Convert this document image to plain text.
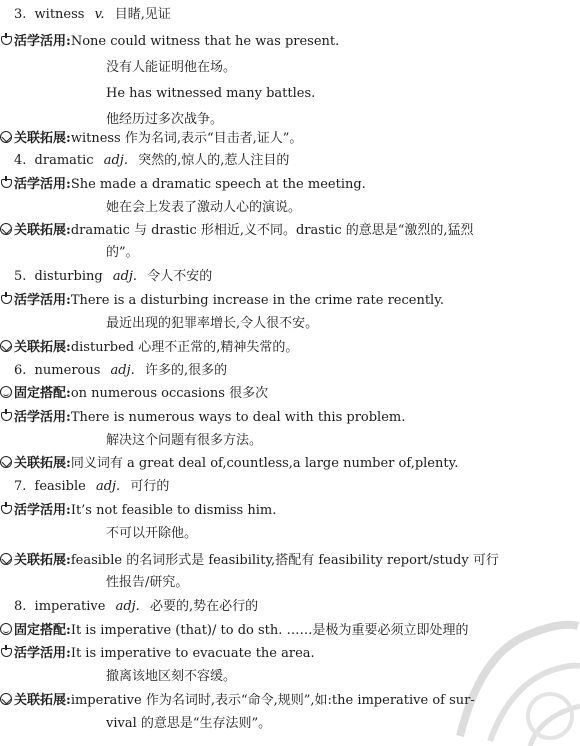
3. witness v. 目睹,见证
活学活用:None could witness that he was present.
没有人能证明他在场。
He has witnessed many battles.
他经历过多次战争。
关联拓展:witness 作为名词,表示“目击者,证人”。
4. dramatic adj. 突然的,惊人的,惹人注目的
活学活用:She made a dramatic speech at the meeting.
她在会上发表了激动人心的演说。
关联拓展:dramatic 与 drastic 形相近,义不同。drastic 的意思是“激烈的,猛烈
的”。
5. disturbing adj. 令人不安的
活学活用:There is a disturbing increase in the crime rate recently.
最近出现的犯罪率增长,令人很不安。
关联拓展:disturbed 心理不正常的,精神失常的。
6. numerous adj. 许多的,很多的
固定搭配:on numerous occasions 很多次
活学活用:There is numerous ways to deal with this problem.
解决这个问题有很多方法。
关联拓展:同义词有 a great deal of,countless,a large number of,plenty.
7. feasible adj. 可行的
活学活用:It’s not feasible to dismiss him.
不可以开除他。
关联拓展:feasible 的名词形式是 feasibility,搭配有 feasibility report/study 可行
性报告/研究。
8. imperative adj. 必要的,势在必行的
固定搭配:It is imperative (that)/ to do sth. ……是极为重要必须立即处理的
活学活用:It is imperative to evacuate the area.
撤离该地区刻不容缓。
关联拓展:imperative 作为名词时,表示“命令,规则”,如:the imperative of sur-
vival 的意思是“生存法则”。
